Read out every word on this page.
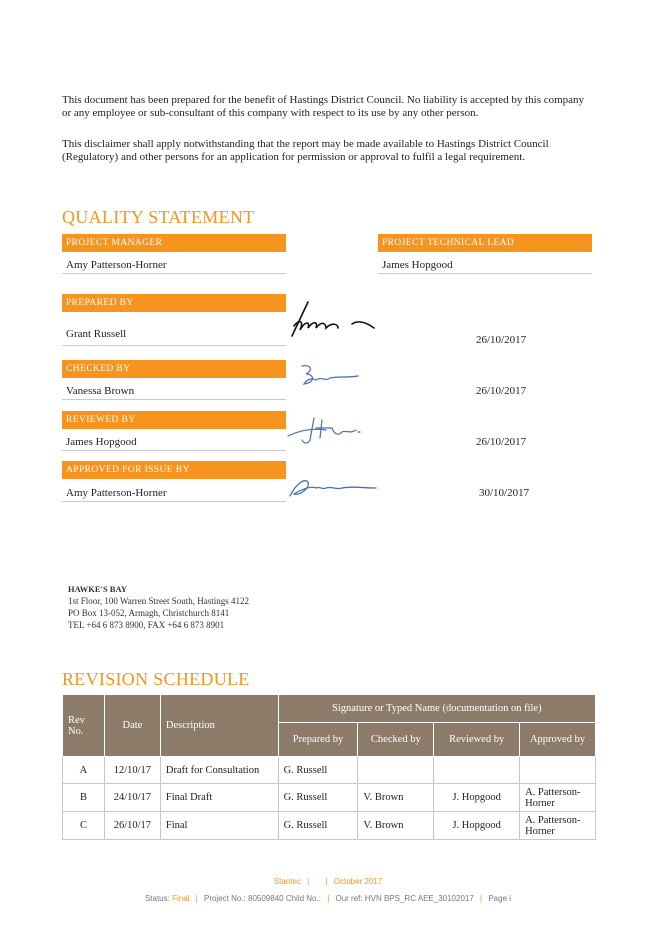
This document has been prepared for the benefit of Hastings District Council. No liability is accepted by this company or any employee or sub-consultant of this company with respect to its use by any other person.
This disclaimer shall apply notwithstanding that the report may be made available to Hastings District Council (Regulatory) and other persons for an application for permission or approval to fulfil a legal requirement.
QUALITY STATEMENT
PROJECT MANAGER
Amy Patterson-Horner
PROJECT TECHNICAL LEAD
James Hopgood
PREPARED BY
Grant Russell	26/10/2017
CHECKED BY
Vanessa Brown	26/10/2017
REVIEWED BY
James Hopgood	26/10/2017
APPROVED FOR ISSUE BY
Amy Patterson-Horner	30/10/2017
HAWKE'S BAY
1st Floor, 100 Warren Street South, Hastings 4122
PO Box 13-052, Armagh, Christchurch 8141
TEL +64 6 873 8900, FAX +64 6 873 8901
REVISION SCHEDULE
Rev No.	Date	Description	Signature or Typed Name (documentation on file)			
			Prepared by	Checked by	Reviewed by	Approved by
A	12/10/17	Draft for Consultation	G. Russell			
B	24/10/17	Final Draft	G. Russell	V. Brown	J. Hopgood	A. Patterson-Horner
C	26/10/17	Final	G. Russell	V. Brown	J. Hopgood	A. Patterson-Horner
Stantec | | October 2017
Status: Final | Project No.: 80509840 Child No.: | Our ref: HVN BPS_RC AEE_30102017 | Page i
